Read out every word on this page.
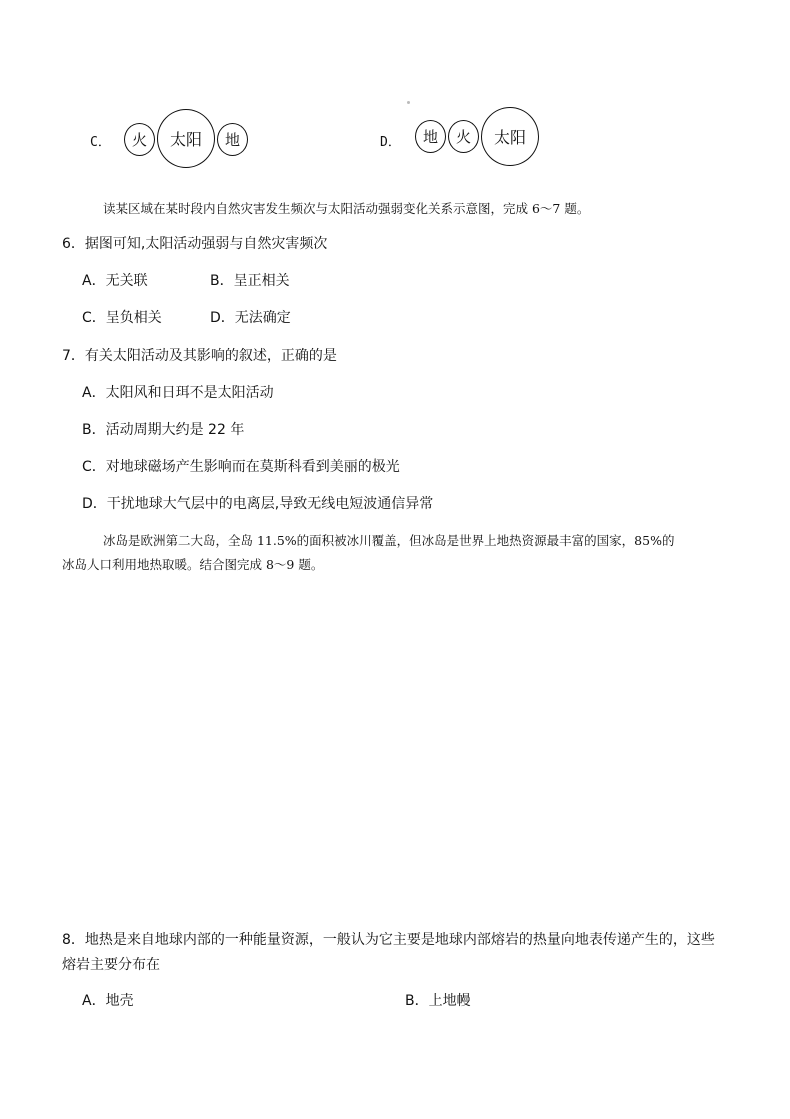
C． 火 太阳 地	D． 地 火 太阳
读某区域在某时段内自然灾害发生频次与太阳活动强弱变化关系示意图，完成 6～7 题。
6．据图可知,太阳活动强弱与自然灾害频次
A．无关联	B．呈正相关
C．呈负相关	D．无法确定
7．有关太阳活动及其影响的叙述，正确的是
A．太阳风和日珥不是太阳活动
B．活动周期大约是 22 年
C．对地球磁场产生影响而在莫斯科看到美丽的极光
D．干扰地球大气层中的电离层,导致无线电短波通信异常
冰岛是欧洲第二大岛，全岛 11.5%的面积被冰川覆盖，但冰岛是世界上地热资源最丰富的国家，85%的
冰岛人口利用地热取暖。结合图完成 8～9 题。
8．地热是来自地球内部的一种能量资源，一般认为它主要是地球内部熔岩的热量向地表传递产生的，这些
熔岩主要分布在
A．地壳	B．上地幔
